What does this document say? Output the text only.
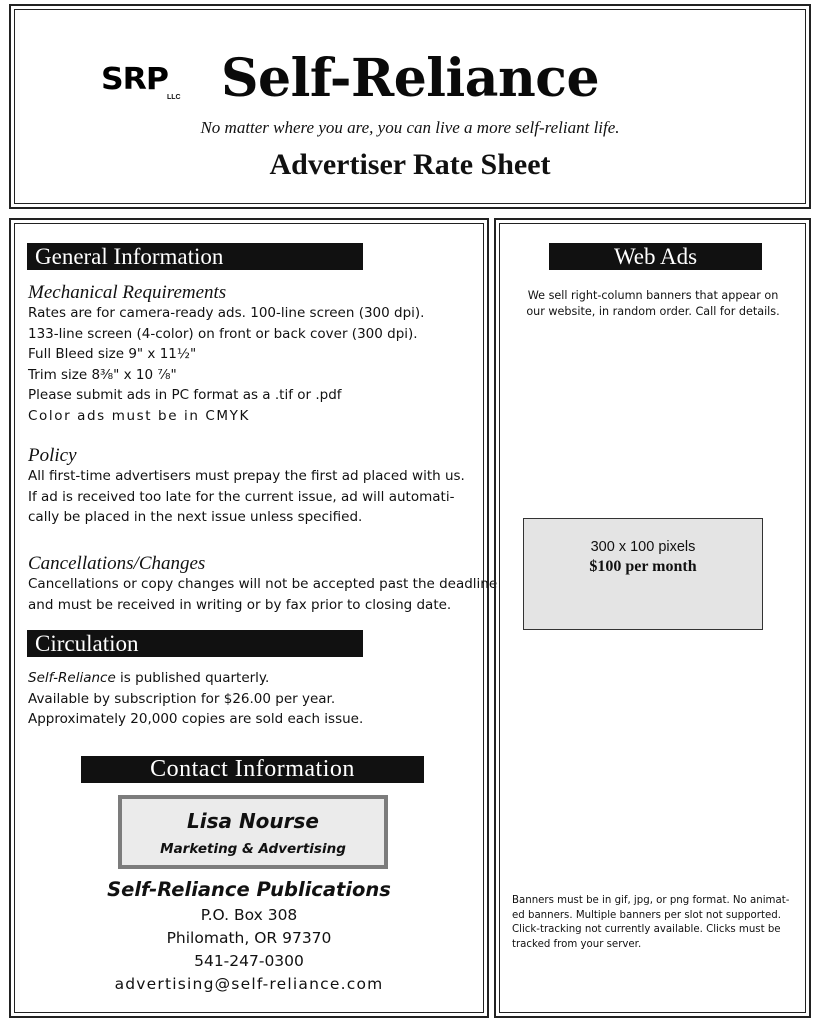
SRP
LLC Self-Reliance
No matter where you are, you can live a more self-reliant life.
Advertiser Rate Sheet
General Information
Mechanical Requirements
Rates are for camera-ready ads. 100-line screen (300 dpi).
133-line screen (4-color) on front or back cover (300 dpi).
Full Bleed size 9" x 11½"
Trim size 8⅜" x 10 ⅞"
Please submit ads in PC format as a .tif or .pdf
Color ads must be in CMYK
Policy
All first-time advertisers must prepay the first ad placed with us.
If ad is received too late for the current issue, ad will automati-
cally be placed in the next issue unless specified.
Cancellations/Changes
Cancellations or copy changes will not be accepted past the deadline
and must be received in writing or by fax prior to closing date.
Circulation
Self-Reliance is published quarterly.
Available by subscription for $26.00 per year.
Approximately 20,000 copies are sold each issue.
Contact Information
Lisa Nourse
Marketing & Advertising
Self-Reliance Publications
P.O. Box 308
Philomath, OR 97370
541-247-0300
advertising@self-reliance.com
Web Ads
We sell right-column banners that appear on
our website, in random order. Call for details.
300 x 100 pixels
$100 per month
Banners must be in gif, jpg, or png format. No animat-
ed banners. Multiple banners per slot not supported.
Click-tracking not currently available. Clicks must be
tracked from your server.
